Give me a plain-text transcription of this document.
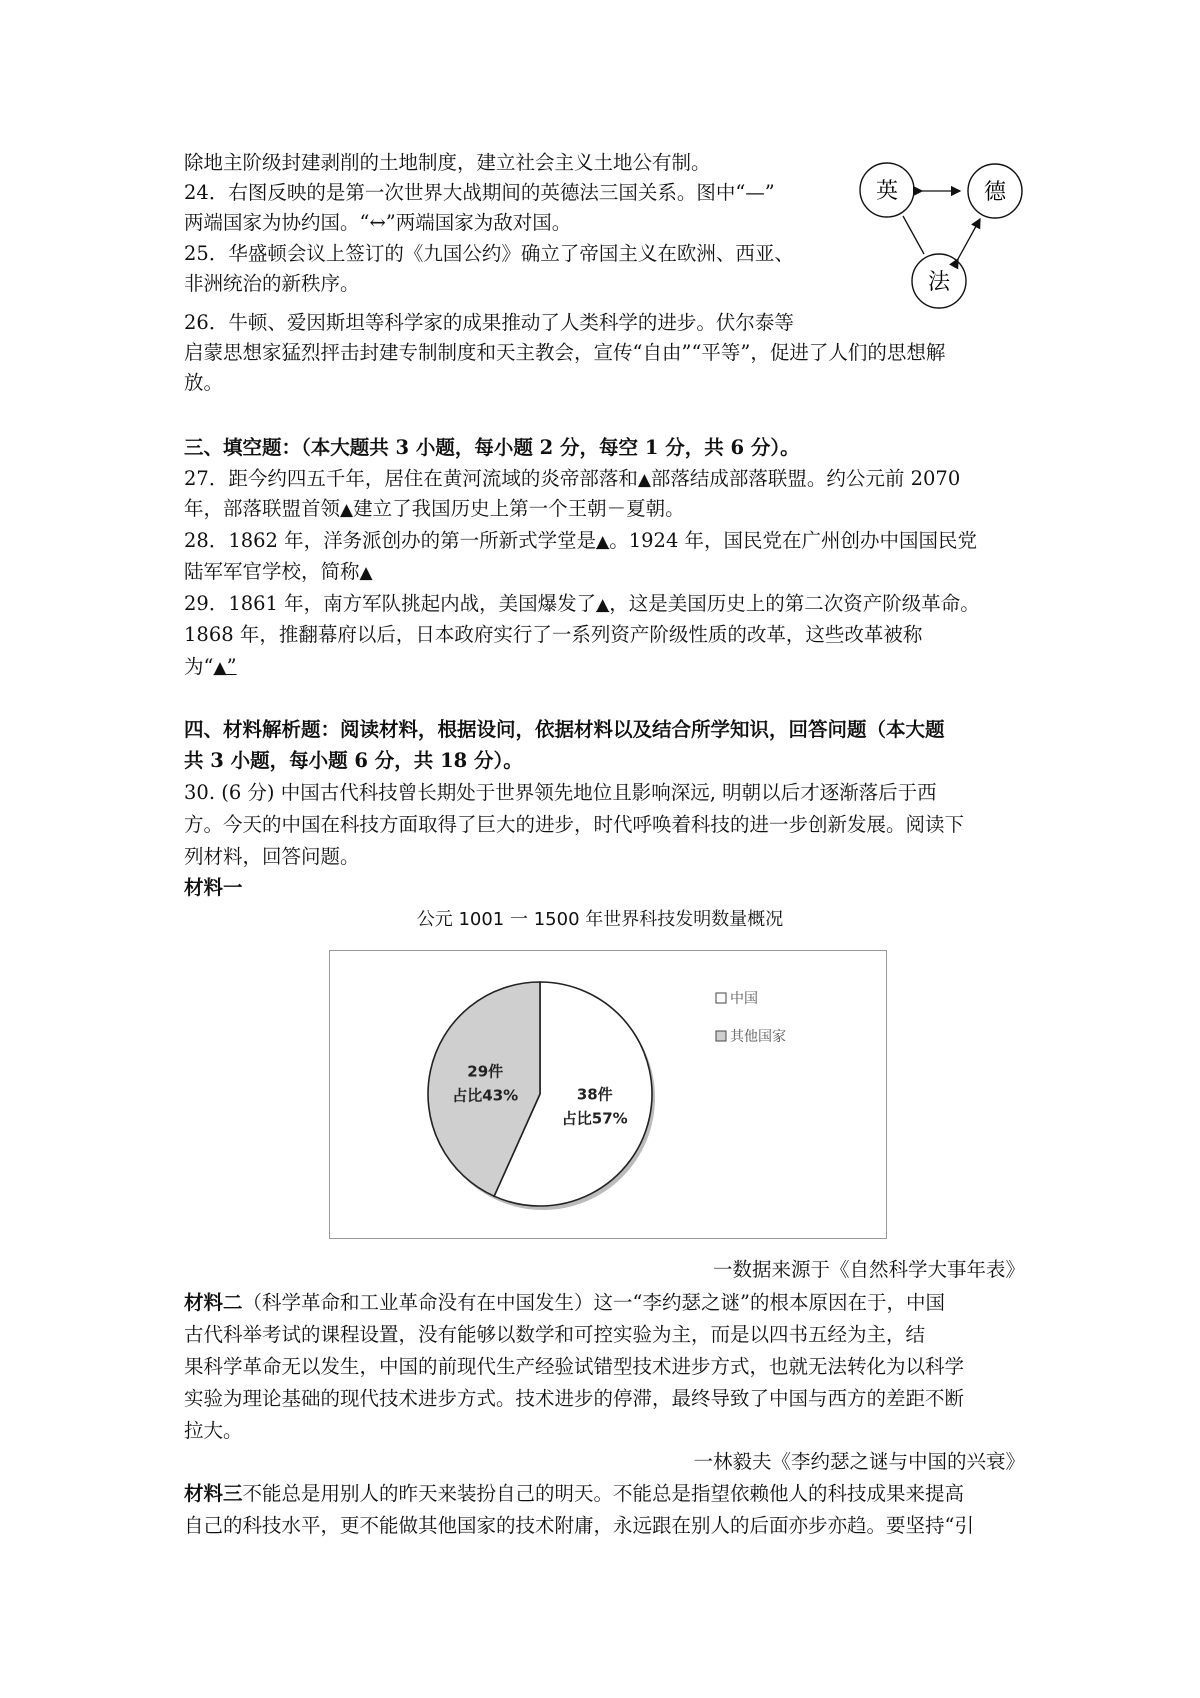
除地主阶级封建剥削的土地制度，建立社会主义土地公有制。
24．右图反映的是第一次世界大战期间的英德法三国关系。图中“—”
两端国家为协约国。“↔”两端国家为敌对国。
25．华盛顿会议上签订的《九国公约》确立了帝国主义在欧洲、西亚、
非洲统治的新秩序。
26．牛顿、爱因斯坦等科学家的成果推动了人类科学的进步。伏尔泰等
启蒙思想家猛烈抨击封建专制制度和天主教会，宣传“自由”“平等”，促进了人们的思想解
放。
英	德
法
三、填空题：（本大题共 3 小题，每小题 2 分，每空 1 分，共 6 分）。
27．距今约四五千年，居住在黄河流域的炎帝部落和▲部落结成部落联盟。约公元前 2070
年，部落联盟首领▲建立了我国历史上第一个王朝－夏朝。
28．1862 年，洋务派创办的第一所新式学堂是▲。1924 年，国民党在广州创办中国国民党
陆军军官学校，简称▲
29．1861 年，南方军队挑起内战，美国爆发了▲，这是美国历史上的第二次资产阶级革命。
1868 年，推翻幕府以后，日本政府实行了一系列资产阶级性质的改革，这些改革被称
为“▲”
四、材料解析题：阅读材料，根据设问，依据材料以及结合所学知识，回答问题（本大题
共 3 小题，每小题 6 分，共 18 分）。
30. (6 分) 中国古代科技曾长期处于世界领先地位且影响深远, 明朝以后才逐渐落后于西
方。今天的中国在科技方面取得了巨大的进步，时代呼唤着科技的进一步创新发展。阅读下
列材料，回答问题。
材料一
公元 1001 一 1500 年世界科技发明数量概况
38件
占比57%
29件
占比43%
中国
其他国家
一数据来源于《自然科学大事年表》
材料二（科学革命和工业革命没有在中国发生）这一“李约瑟之谜”的根本原因在于，中国
古代科举考试的课程设置，没有能够以数学和可控实验为主，而是以四书五经为主，结
果科学革命无以发生，中国的前现代生产经验试错型技术进步方式，也就无法转化为以科学
实验为理论基础的现代技术进步方式。技术进步的停滞，最终导致了中国与西方的差距不断
拉大。
一林毅夫《李约瑟之谜与中国的兴衰》
材料三不能总是用别人的昨天来装扮自己的明天。不能总是指望依赖他人的科技成果来提高
自己的科技水平，更不能做其他国家的技术附庸，永远跟在别人的后面亦步亦趋。要坚持“引
